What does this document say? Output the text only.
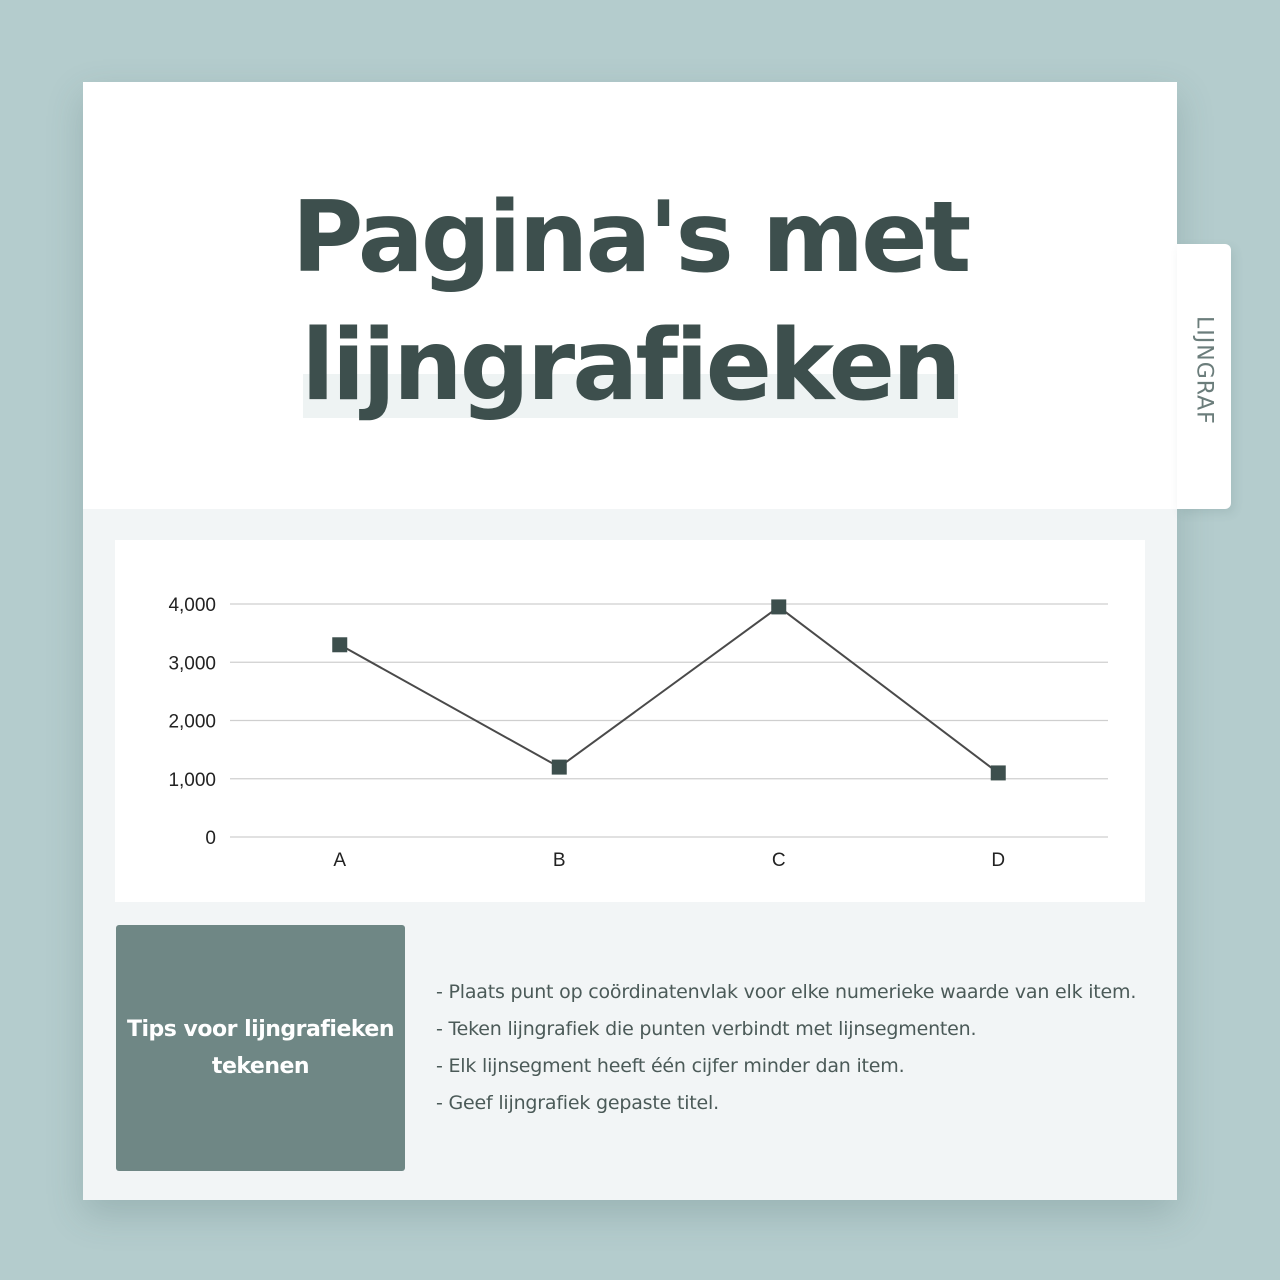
Pagina's met
lijngrafieken
0
1,000
2,000
3,000
4,000
A	B	C	D
Tips voor lijngrafieken tekenen
- Plaats punt op coördinatenvlak voor elke numerieke waarde van elk item.
- Teken lijngrafiek die punten verbindt met lijnsegmenten.
- Elk lijnsegment heeft één cijfer minder dan item.
- Geef lijngrafiek gepaste titel.
LIJNGRAF
